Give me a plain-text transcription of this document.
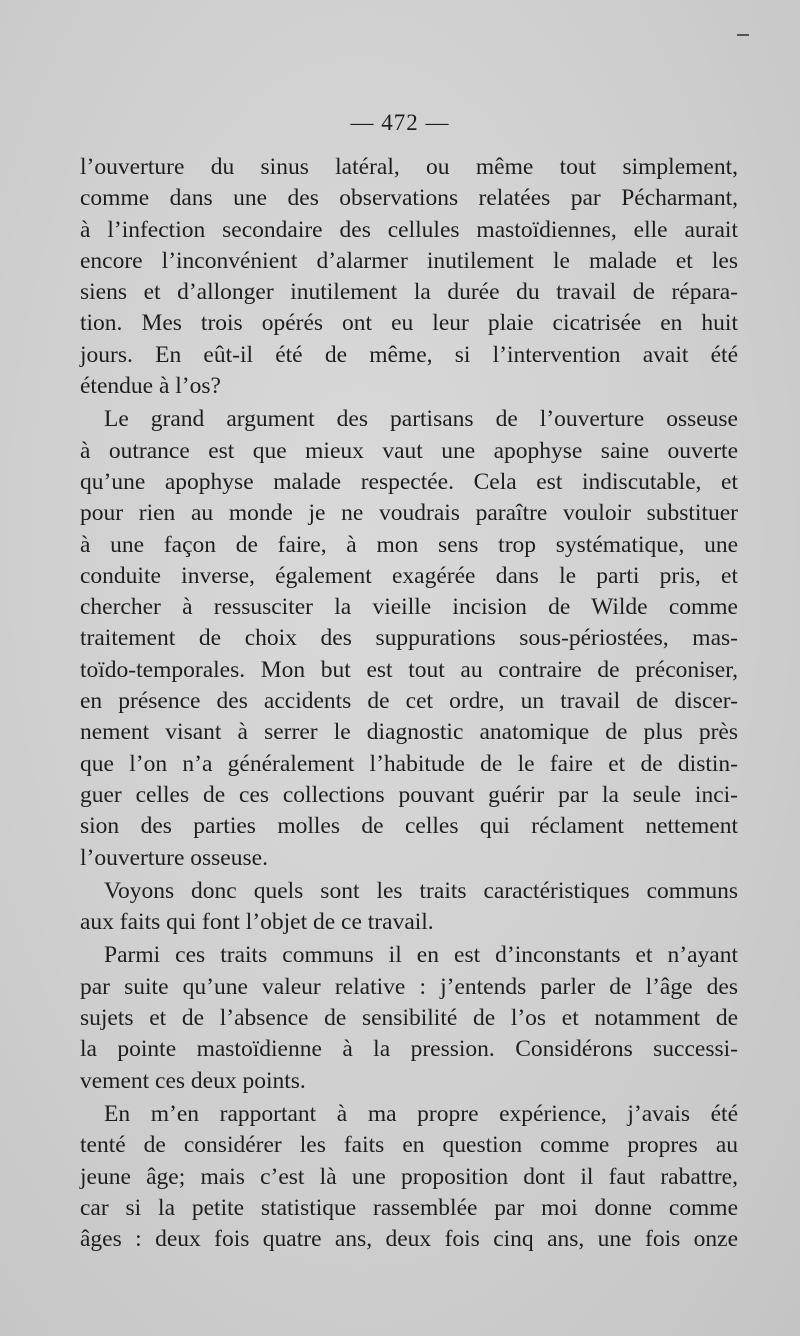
— 472 —
l’ouverture du sinus latéral, ou même tout simplement,
comme dans une des observations relatées par Pécharmant,
à l’infection secondaire des cellules mastoïdiennes, elle aurait
encore l’inconvénient d’alarmer inutilement le malade et les
siens et d’allonger inutilement la durée du travail de répara-
tion. Mes trois opérés ont eu leur plaie cicatrisée en huit
jours. En eût-il été de même, si l’intervention avait été
étendue à l’os?
Le grand argument des partisans de l’ouverture osseuse
à outrance est que mieux vaut une apophyse saine ouverte
qu’une apophyse malade respectée. Cela est indiscutable, et
pour rien au monde je ne voudrais paraître vouloir substituer
à une façon de faire, à mon sens trop systématique, une
conduite inverse, également exagérée dans le parti pris, et
chercher à ressusciter la vieille incision de Wilde comme
traitement de choix des suppurations sous-périostées, mas-
toïdo-temporales. Mon but est tout au contraire de préconiser,
en présence des accidents de cet ordre, un travail de discer-
nement visant à serrer le diagnostic anatomique de plus près
que l’on n’a généralement l’habitude de le faire et de distin-
guer celles de ces collections pouvant guérir par la seule inci-
sion des parties molles de celles qui réclament nettement
l’ouverture osseuse.
Voyons donc quels sont les traits caractéristiques communs
aux faits qui font l’objet de ce travail.
Parmi ces traits communs il en est d’inconstants et n’ayant
par suite qu’une valeur relative : j’entends parler de l’âge des
sujets et de l’absence de sensibilité de l’os et notamment de
la pointe mastoïdienne à la pression. Considérons successi-
vement ces deux points.
En m’en rapportant à ma propre expérience, j’avais été
tenté de considérer les faits en question comme propres au
jeune âge; mais c’est là une proposition dont il faut rabattre,
car si la petite statistique rassemblée par moi donne comme
âges : deux fois quatre ans, deux fois cinq ans, une fois onze
